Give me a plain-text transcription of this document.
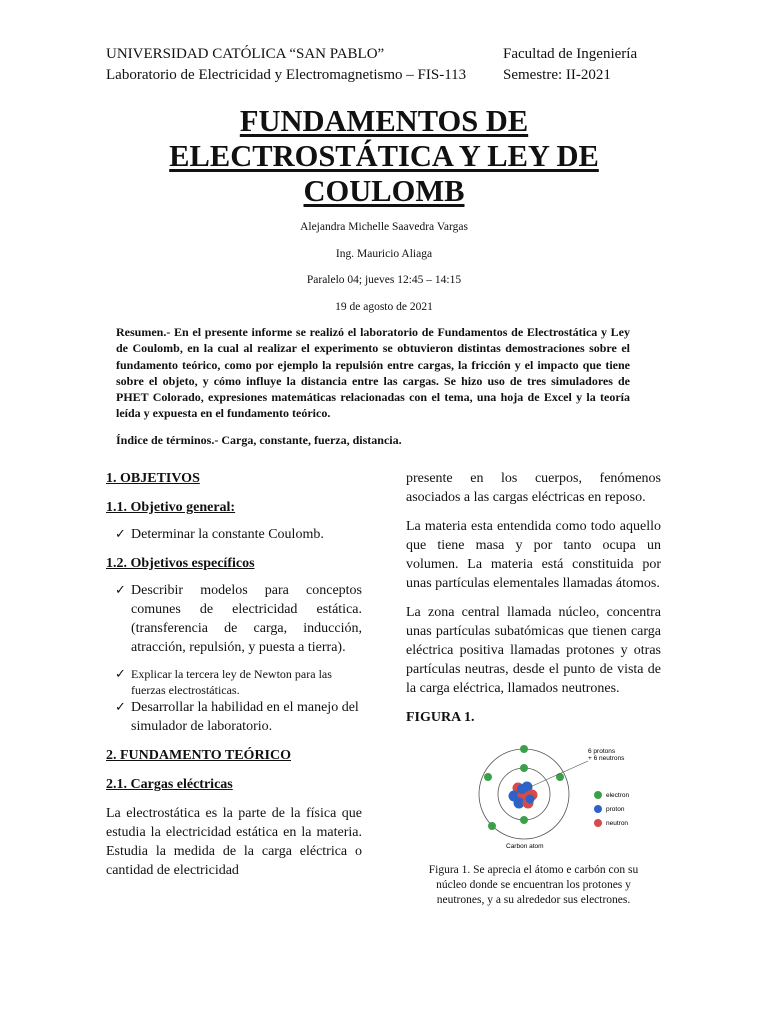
UNIVERSIDAD CATÓLICA “SAN PABLO”
Laboratorio de Electricidad y Electromagnetismo – FIS-113
Facultad de Ingeniería
Semestre: II-2021
FUNDAMENTOS DE
ELECTROSTÁTICA Y LEY DE
COULOMB
Alejandra Michelle Saavedra Vargas
Ing. Mauricio Aliaga
Paralelo 04; jueves 12:45 – 14:15
19 de agosto de 2021
Resumen.- En el presente informe se realizó el laboratorio de Fundamentos de Electrostática y Ley de Coulomb, en la cual al realizar el experimento se obtuvieron distintas demostraciones sobre el fundamento teórico, como por ejemplo la repulsión entre cargas, la fricción y el impacto que tiene sobre el objeto, y cómo influye la distancia entre las cargas. Se hizo uso de tres simuladores de PHET Colorado, expresiones matemáticas relacionadas con el tema, una hoja de Excel y la teoría leída y expuesta en el fundamento teórico.
Índice de términos.- Carga, constante, fuerza, distancia.
1. OBJETIVOS
1.1. Objetivo general:
✓ Determinar la constante Coulomb.
1.2. Objetivos específicos
✓ Describir modelos para conceptos comunes de electricidad estática. (transferencia de carga, inducción, atracción, repulsión, y puesta a tierra).
✓ Explicar la tercera ley de Newton para las fuerzas electrostáticas.
✓ Desarrollar la habilidad en el manejo del simulador de laboratorio.
2. FUNDAMENTO TEÓRICO
2.1. Cargas eléctricas
La electrostática es la parte de la física que estudia la electricidad estática en la materia. Estudia la medida de la carga eléctrica o cantidad de electricidad
presente en los cuerpos, fenómenos asociados a las cargas eléctricas en reposo.
La materia esta entendida como todo aquello que tiene masa y por tanto ocupa un volumen. La materia está constituida por unas partículas elementales llamadas átomos.
La zona central llamada núcleo, concentra unas partículas subatómicas que tienen carga eléctrica positiva llamadas protones y otras partículas neutras, desde el punto de vista de la carga eléctrica, llamados neutrones.
FIGURA 1.
6 protons
+ 6 neutrons
electron
proton
neutron
Carbon atom
Figura 1. Se aprecia el átomo e carbón con su núcleo donde se encuentran los protones y neutrones, y a su alrededor sus electrones.
